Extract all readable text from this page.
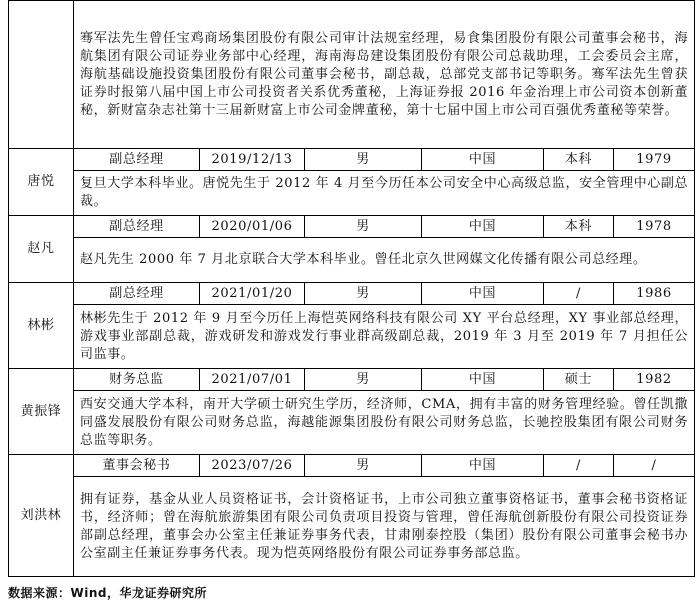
	骞军法先生曾任宝鸡商场集团股份有限公司审计法规室经理，易食集团股份有限公司董事会秘书，海航集团有限公司证券业务部中心经理，海南海岛建设集团股份有限公司总裁助理，工会委员会主席，海航基础设施投资集团股份有限公司董事会秘书，副总裁，总部党支部书记等职务。骞军法先生曾获证券时报第八届中国上市公司投资者关系优秀董秘，上海证券报 2016 年金治理上市公司资本创新董秘，新财富杂志社第十三届新财富上市公司金牌董秘，第十七届中国上市公司百强优秀董秘等荣誉。					
唐悦	副总经理	2019/12/13	男	中国	本科	1979
	复旦大学本科毕业。唐悦先生于 2012 年 4 月至今历任本公司安全中心高级总监，安全管理中心副总裁。					
赵凡	副总经理	2020/01/06	男	中国	本科	1978
	赵凡先生 2000 年 7 月北京联合大学本科毕业。曾任北京久世网媒文化传播有限公司总经理。					
林彬	副总经理	2021/01/20	男	中国	/	1986
	林彬先生于 2012 年 9 月至今历任上海恺英网络科技有限公司 XY 平台总经理，XY 事业部总经理，游戏事业部副总裁，游戏研发和游戏发行事业群高级副总裁，2019 年 3 月至 2019 年 7 月担任公司监事。					
黄振锋	财务总监	2021/07/01	男	中国	硕士	1982
	西安交通大学本科，南开大学硕士研究生学历，经济师，CMA，拥有丰富的财务管理经验。曾任凯撒同盛发展股份有限公司财务总监，海越能源集团股份有限公司财务总监，长驰控股集团有限公司财务总监等职务。					
刘洪林	董事会秘书	2023/07/26	男	中国	/	/
	拥有证券，基金从业人员资格证书，会计资格证书，上市公司独立董事资格证书，董事会秘书资格证书，经济师；曾在海航旅游集团有限公司负责项目投资与管理，曾任海航创新股份有限公司投资证券部副总经理，董事会办公室主任兼证券事务代表，甘肃刚泰控股（集团）股份有限公司董事会秘书办公室副主任兼证券事务代表。现为恺英网络股份有限公司证券事务部总监。					
数据来源：Wind，华龙证券研究所
